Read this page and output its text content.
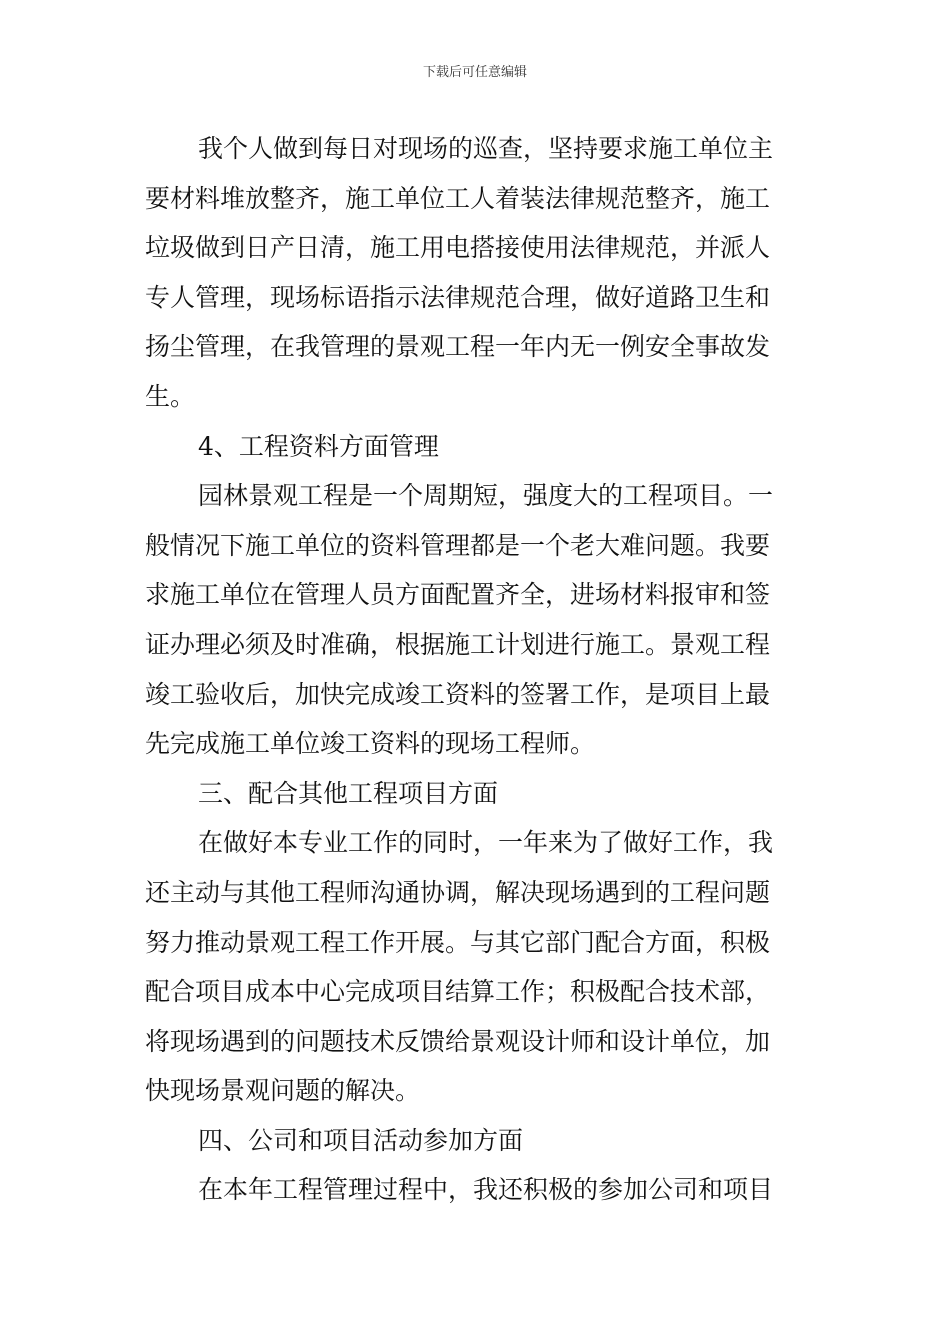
下载后可任意编辑
我个人做到每日对现场的巡查，坚持要求施工单位主
要材料堆放整齐，施工单位工人着装法律规范整齐，施工
垃圾做到日产日清，施工用电搭接使用法律规范，并派人
专人管理，现场标语指示法律规范合理，做好道路卫生和
扬尘管理，在我管理的景观工程一年内无一例安全事故发
生。
4、工程资料方面管理
园林景观工程是一个周期短，强度大的工程项目。一
般情况下施工单位的资料管理都是一个老大难问题。我要
求施工单位在管理人员方面配置齐全，进场材料报审和签
证办理必须及时准确，根据施工计划进行施工。景观工程
竣工验收后，加快完成竣工资料的签署工作，是项目上最
先完成施工单位竣工资料的现场工程师。
三、配合其他工程项目方面
在做好本专业工作的同时，一年来为了做好工作，我
还主动与其他工程师沟通协调，解决现场遇到的工程问题
努力推动景观工程工作开展。与其它部门配合方面，积极
配合项目成本中心完成项目结算工作；积极配合技术部，
将现场遇到的问题技术反馈给景观设计师和设计单位，加
快现场景观问题的解决。
四、公司和项目活动参加方面
在本年工程管理过程中，我还积极的参加公司和项目
